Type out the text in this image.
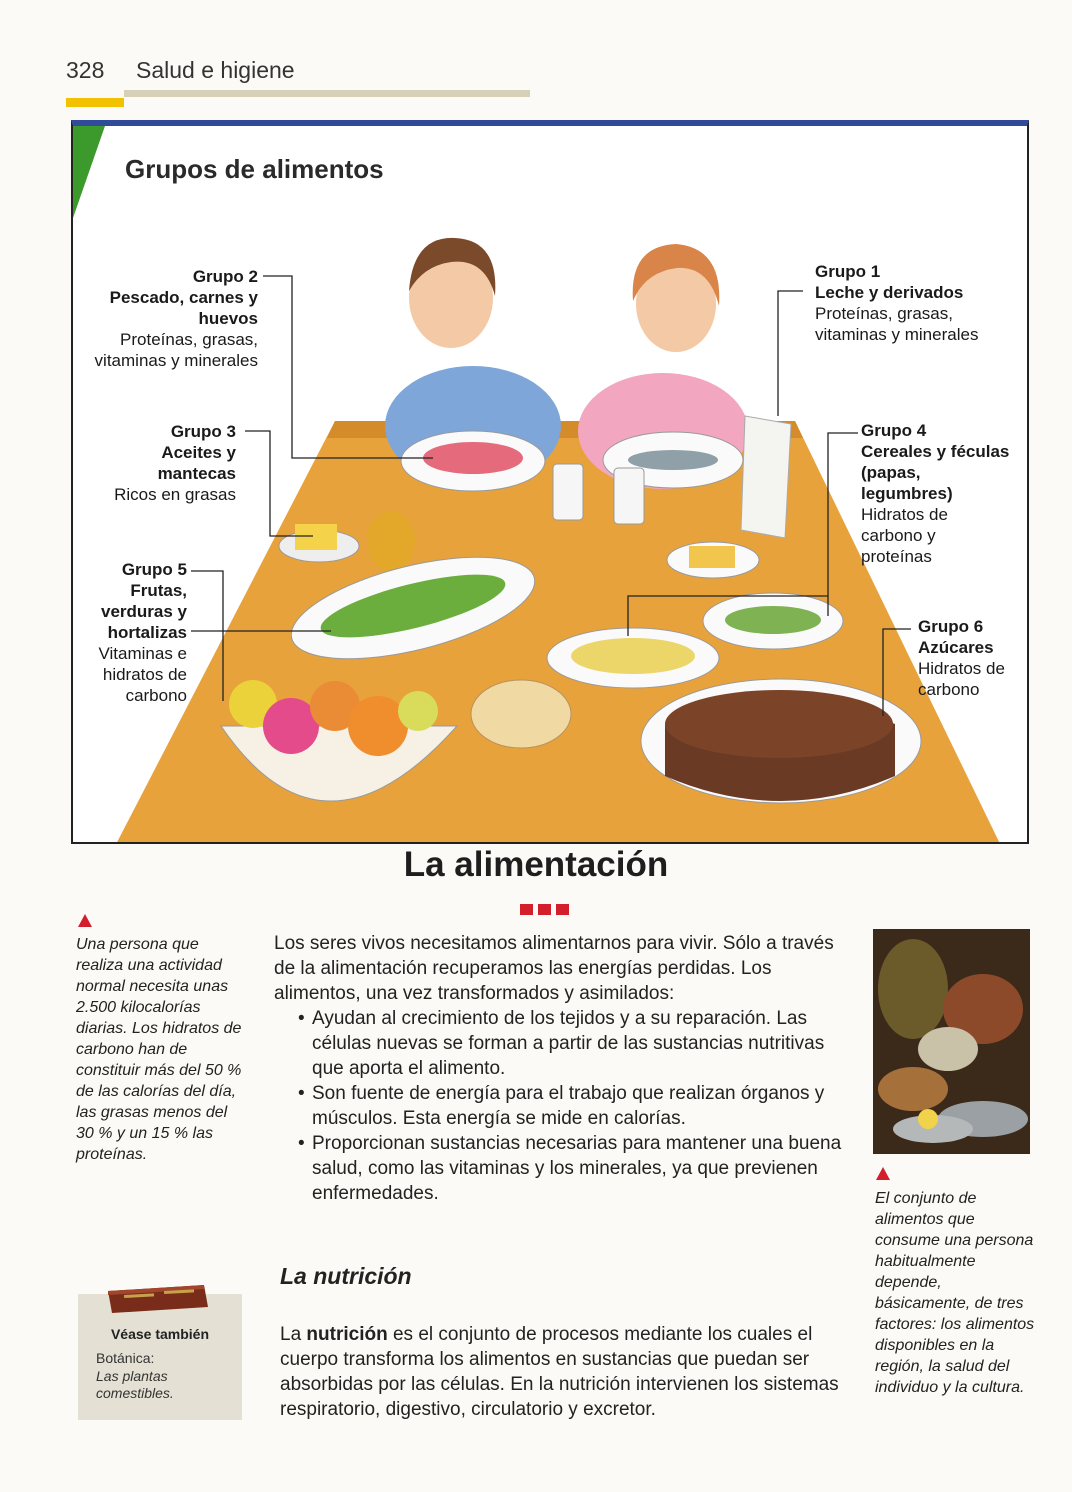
328 Salud e higiene
Grupos de alimentos
Grupo 2
Pescado, carnes y huevos
Proteínas, grasas, vitaminas y minerales
Grupo 3
Aceites y mantecas
Ricos en grasas
Grupo 5
Frutas, verduras y hortalizas
Vitaminas e hidratos de carbono
Grupo 1
Leche y derivados
Proteínas, grasas, vitaminas y minerales
Grupo 4
Cereales y féculas (papas, legumbres)
Hidratos de carbono y proteínas
Grupo 6
Azúcares
Hidratos de carbono
La alimentación
Una persona que realiza una actividad normal necesita unas 2.500 kilocalorías diarias. Los hidratos de carbono han de constituir más del 50 % de las calorías del día, las grasas menos del 30 % y un 15 % las proteínas.
Los seres vivos necesitamos alimentarnos para vivir. Sólo a través de la alimentación recuperamos las energías perdidas. Los alimentos, una vez transformados y asimilados:
• Ayudan al crecimiento de los tejidos y a su reparación. Las células nuevas se forman a partir de las sustancias nutritivas que aporta el alimento.
• Son fuente de energía para el trabajo que realizan órganos y músculos. Esta energía se mide en calorías.
• Proporcionan sustancias necesarias para mantener una buena salud, como las vitaminas y los minerales, ya que previenen enfermedades.	El conjunto de alimentos que consume una persona habitualmente depende, básicamente, de tres factores: los alimentos disponibles en la región, la salud del individuo y la cultura.
La nutrición
La nutrición es el conjunto de procesos mediante los cuales el cuerpo transforma los alimentos en sustancias que puedan ser absorbidas por las células. En la nutrición intervienen los sistemas respiratorio, digestivo, circulatorio y excretor.
Véase también
Botánica:
Las plantas comestibles.
